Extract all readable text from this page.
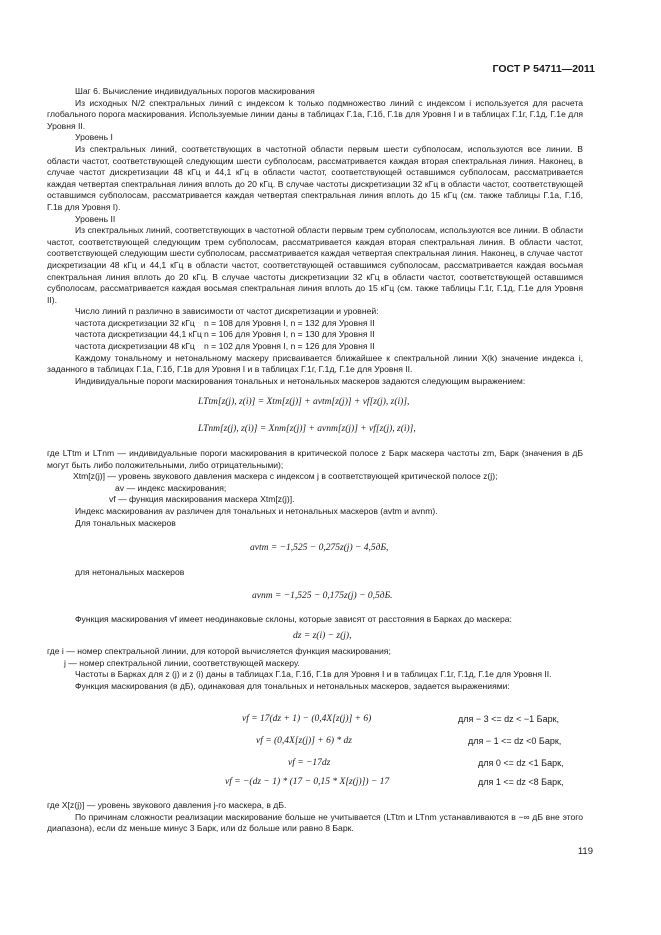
ГОСТ Р 54711—2011

Шаг 6. Вычисление индивидуальных порогов маскирования

Из исходных N/2 спектральных линий с индексом k только подмножество линий с индексом i используется для расчета глобального порога маскирования. Используемые линии даны в таблицах Г.1а, Г.1б, Г.1в для Уровня I и в таблицах Г.1г, Г.1д, Г.1е для Уровня II.

Уровень I

Из спектральных линий, соответствующих в частотной области первым шести субполосам, используются все линии. В области частот, соответствующей следующим шести субполосам, рассматривается каждая вторая спектральная линия. Наконец, в случае частот дискретизации 48 кГц и 44,1 кГц в области частот, соответствующей оставшимся субполосам, рассматривается каждая четвертая спектральная линия вплоть до 20 кГц. В случае частоты дискретизации 32 кГц в области частот, соответствующей оставшимся субполосам, рассматривается каждая четвертая спектральная линия вплоть до 15 кГц (см. также таблицы Г.1а, Г.1б, Г.1в для Уровня I).

Уровень II

Из спектральных линий, соответствующих в частотной области первым трем субполосам, используются все линии. В области частот, соответствующей следующим трем субполосам, рассматривается каждая вторая спектральная линия. В области частот, соответствующей следующим шести субполосам, рассматривается каждая четвертая спектральная линия. Наконец, в случае частот дискретизации 48 кГц и 44,1 кГц в области частот, соответствующей оставшимся субполосам, рассматривается каждая восьмая спектральная линия вплоть до 20 кГц. В случае частоты дискретизации 32 кГц в области частот, соответствующей оставшимся субполосам, рассматривается каждая восьмая спектральная линия вплоть до 15 кГц (см. также таблицы Г.1г, Г.1д, Г.1е для Уровня II).

Число линий n различно в зависимости от частот дискретизации и уровней:

частота дискретизации 32 кГц	n = 108 для Уровня I, n = 132 для Уровня II
частота дискретизации 44,1 кГц n = 106 для Уровня I, n = 130 для Уровня II
частота дискретизации 48 кГц	n = 102 для Уровня I, n = 126 для Уровня II

Каждому тональному и нетональному маскеру присваивается ближайшее к спектральной линии X(k) значение индекса i, заданного в таблицах Г.1а, Г.1б, Г.1в для Уровня I и в таблицах Г.1г, Г.1д, Г.1е для Уровня II.

Индивидуальные пороги маскирования тональных и нетональных маскеров задаются следующим выражением:

LTtm[z(j), z(i)] = Xtm[z(j)] + avtm[z(j)] + vf[z(j), z(i)],
LTnm[z(j), z(i)] = Xnm[z(j)] + avnm[z(j)] + vf[z(j), z(i)],

где LTtm и LTnm — индивидуальные пороги маскирования в критической полосе z Барк маскера частоты zm, Барк (значения в дБ могут быть либо положительными, либо отрицательными);

Xtm[z(j)] — уровень звукового давления маскера с индексом j в соответствующей критической полосе z(j);

av — индекс маскирования;

vf — функция маскирования маскера Xtm[z(j)].

Индекс маскирования av различен для тональных и нетональных маскеров (avtm и avnm).

Для тональных маскеров

avtm = −1,525 − 0,275z(j) − 4,5дБ,

для нетональных маскеров

avnm = −1,525 − 0,175z(j) − 0,5дБ.

Функция маскирования vf имеет неодинаковые склоны, которые зависят от расстояния в Барках до маскера:

dz = z(i) − z(j),

где i — номер спектральной линии, для которой вычисляется функция маскирования;

j — номер спектральной линии, соответствующей маскеру.

Частоты в Барках для z (j) и z (i) даны в таблицах Г.1а, Г.1б, Г.1в для Уровня I и в таблицах Г.1г, Г.1д, Г.1е для Уровня II.

Функция маскирования (в дБ), одинаковая для тональных и нетональных маскеров, задается выражениями:

vf = 17(dz + 1) − (0,4X[z(j)] + 6)	для − 3 <= dz < −1 Барк,
vf = (0,4X[z(j)] + 6) * dz	для − 1 <= dz <0 Барк,
vf = −17dz	для 0 <= dz <1 Барк,
vf = −(dz − 1) * (17 − 0,15 * X[z(j)]) − 17	для 1 <= dz <8 Барк,

где X[z(j)] — уровень звукового давления j-го маскера, в дБ.

По причинам сложности реализации маскирование больше не учитывается (LTtm и LTnm устанавливаются в −∞ дБ вне этого диапазона), если dz меньше минус 3 Барк, или dz больше или равно 8 Барк.

119
